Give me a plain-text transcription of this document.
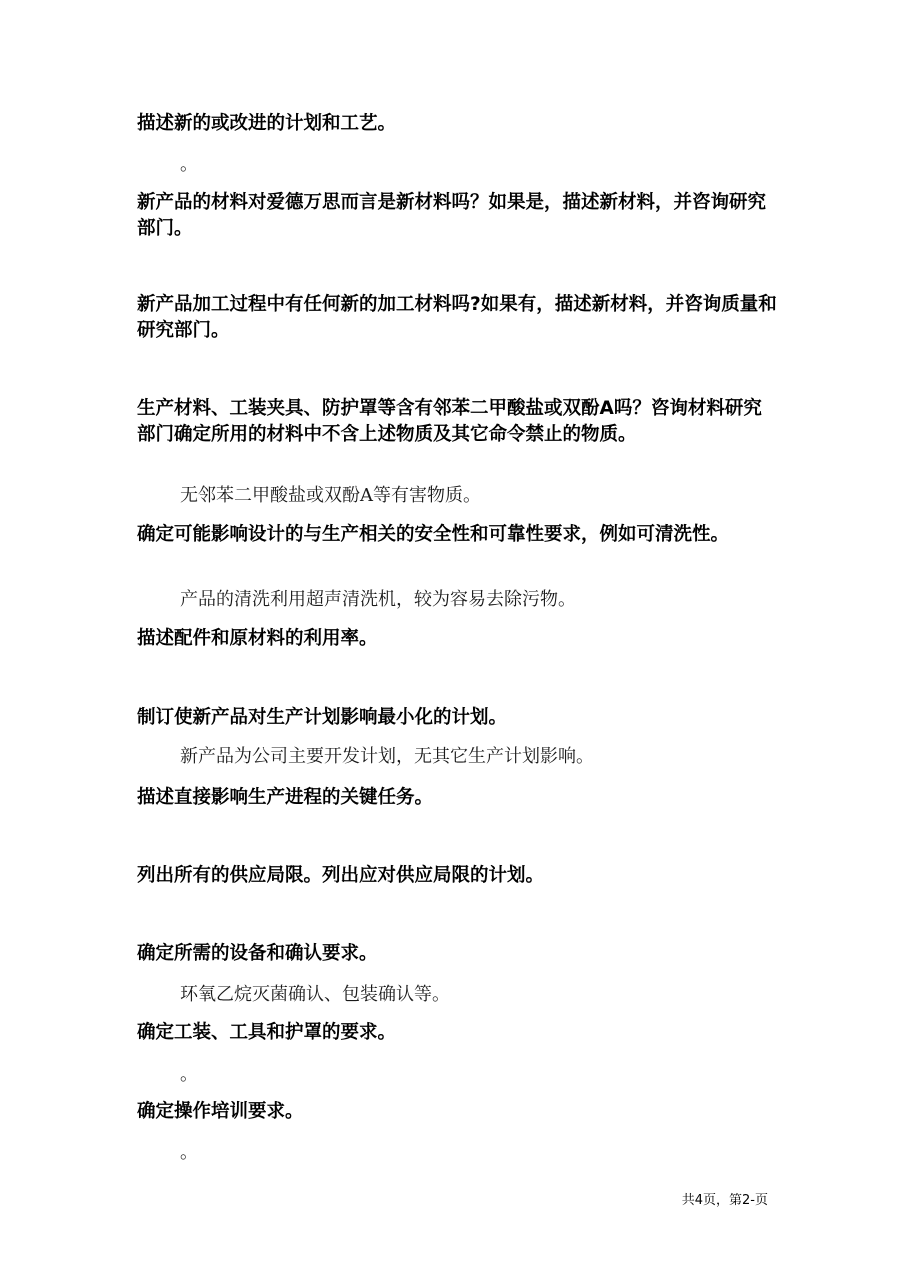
描述新的或改进的计划和工艺。

。

新产品的材料对爱德万思而言是新材料吗？如果是，描述新材料，并咨询研究部门。

新产品加工过程中有任何新的加工材料吗?如果有，描述新材料，并咨询质量和研究部门。

生产材料、工装夹具、防护罩等含有邻苯二甲酸盐或双酚A吗？咨询材料研究部门确定所用的材料中不含上述物质及其它命令禁止的物质。

无邻苯二甲酸盐或双酚A等有害物质。

确定可能影响设计的与生产相关的安全性和可靠性要求，例如可清洗性。

产品的清洗利用超声清洗机，较为容易去除污物。

描述配件和原材料的利用率。

制订使新产品对生产计划影响最小化的计划。

新产品为公司主要开发计划，无其它生产计划影响。

描述直接影响生产进程的关键任务。

列出所有的供应局限。列出应对供应局限的计划。

确定所需的设备和确认要求。

环氧乙烷灭菌确认、包装确认等。

确定工装、工具和护罩的要求。

。

确定操作培训要求。

。

共4页，第2-页
